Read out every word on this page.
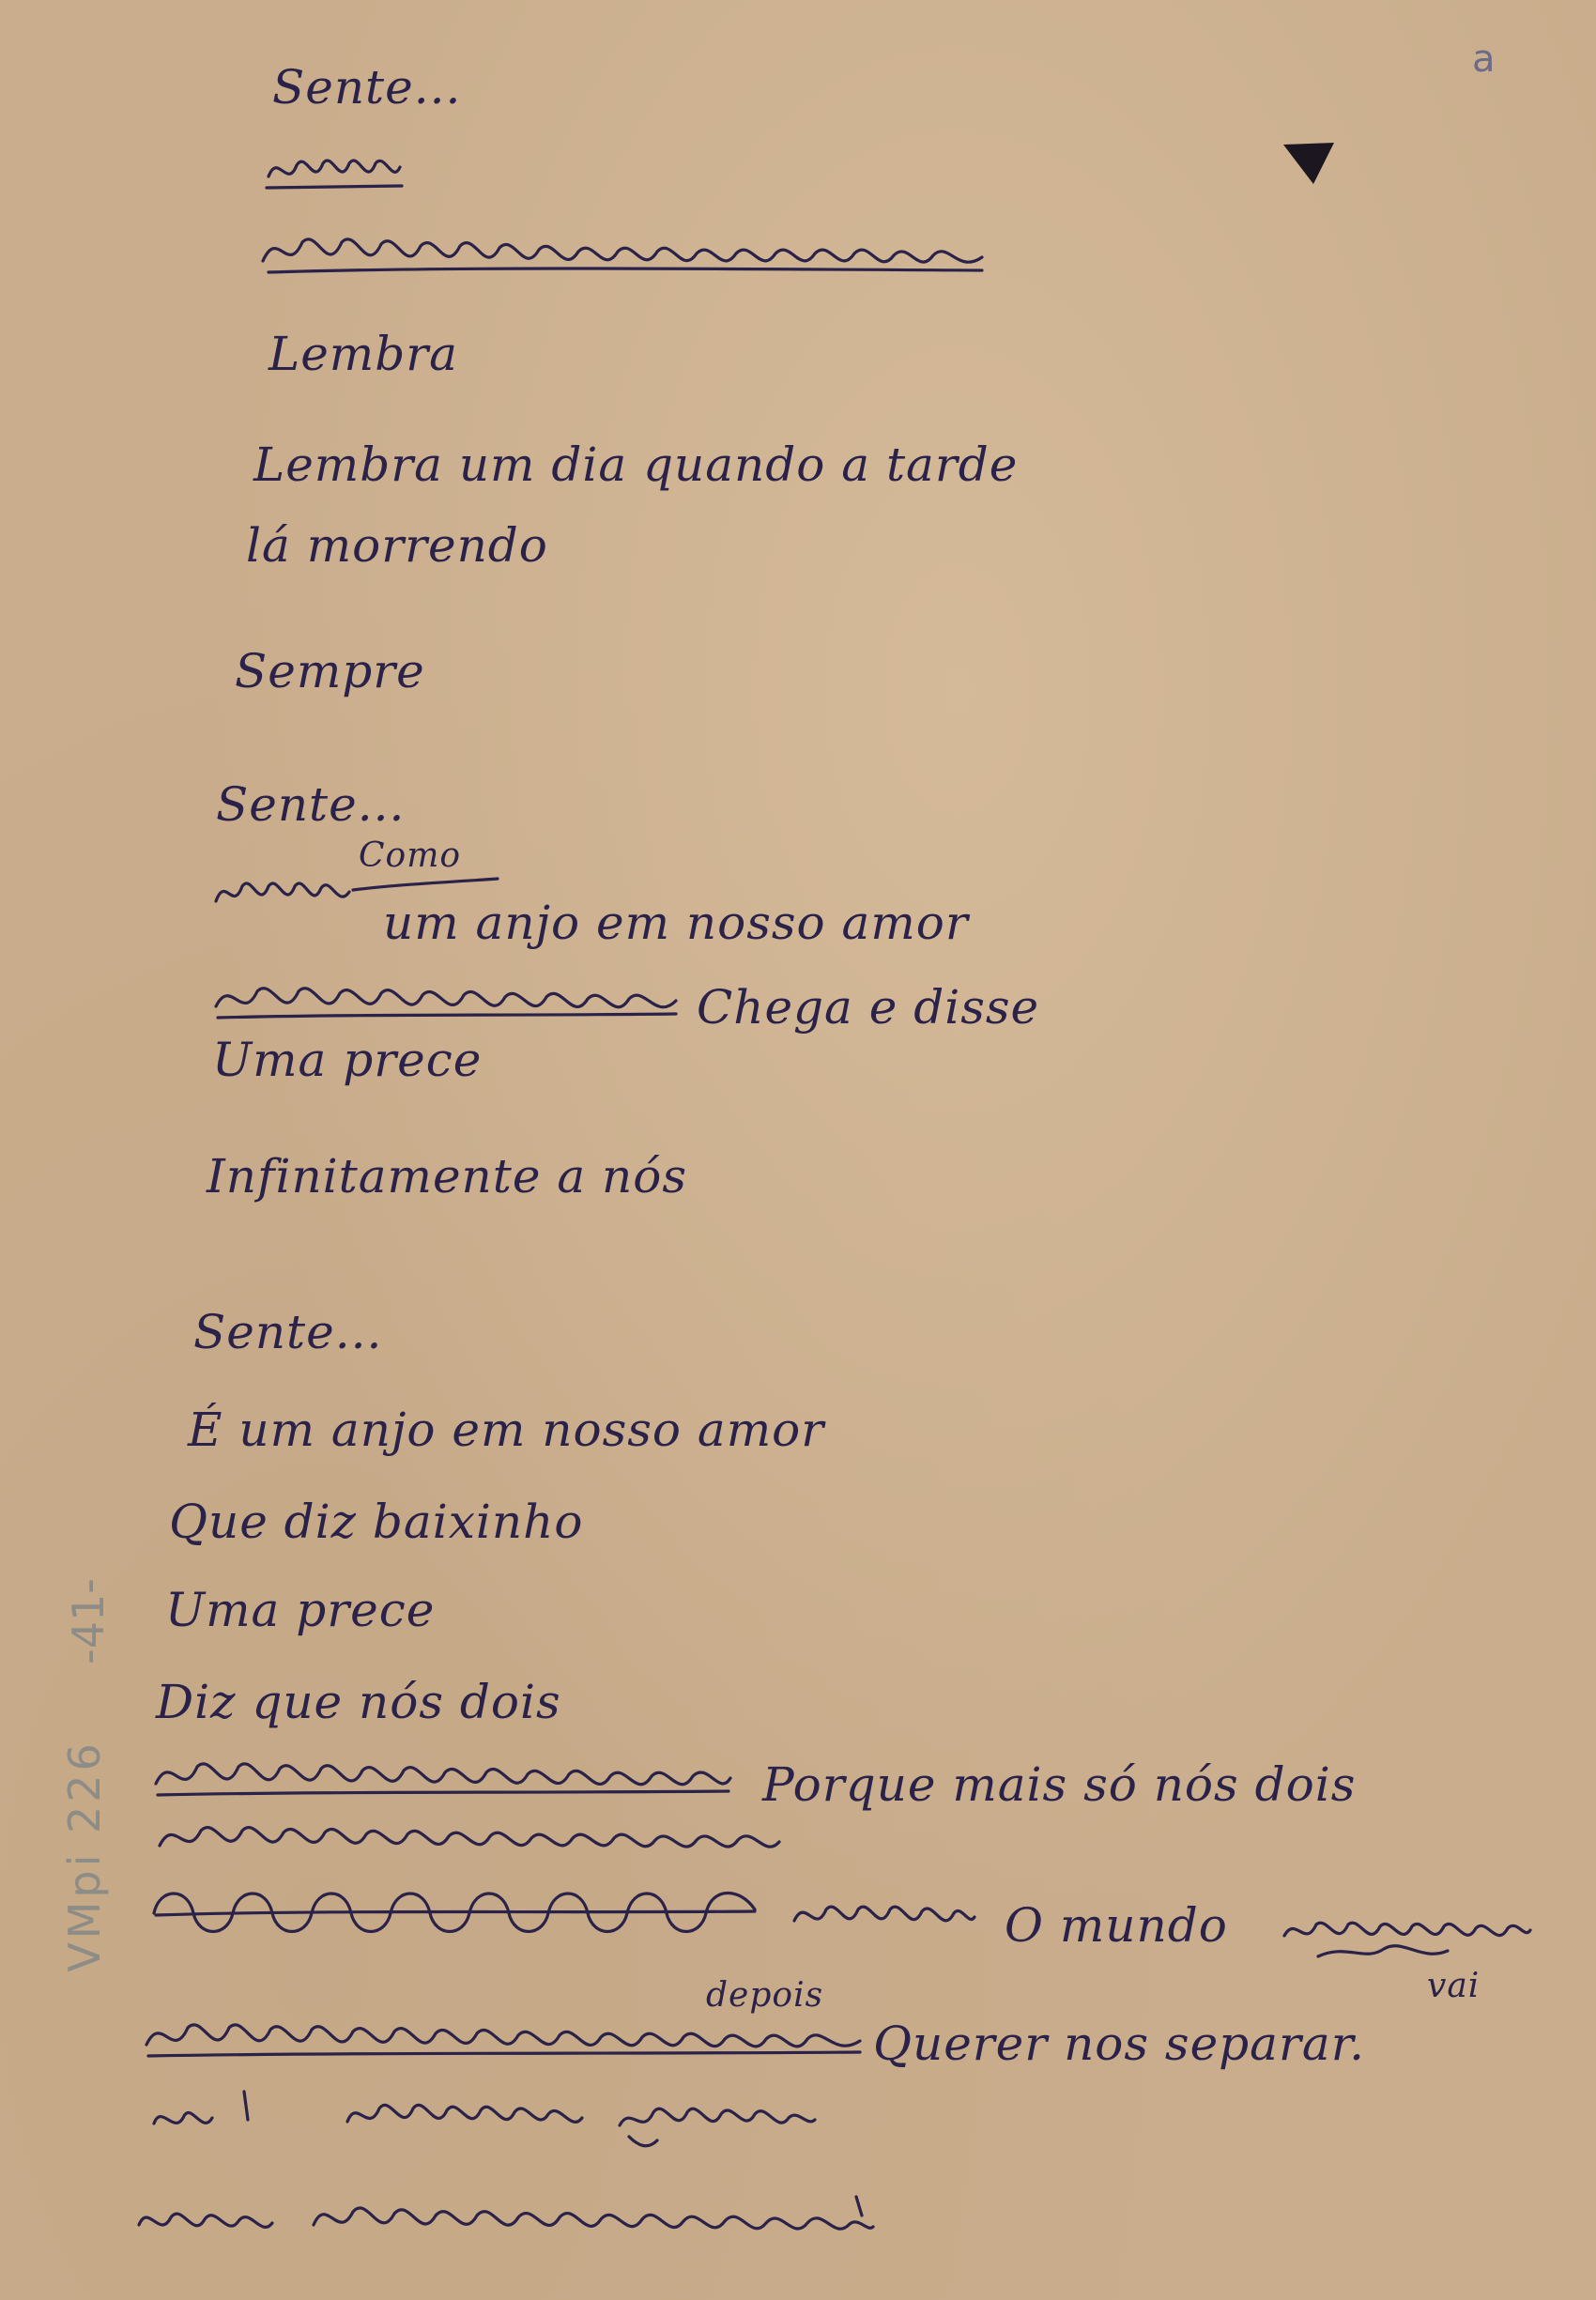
a
Sente...
Lembra
Lembra um dia quando a tarde
lá morrendo
Sempre
Sente...
Como
um anjo em nosso amor
Chega e disse
Uma prece
Infinitamente a nós
Sente...
É um anjo em nosso amor
Que diz baixinho
Uma prece
Diz que nós dois
Porque mais só nós dois
O mundo
vai
depois
Querer nos separar.
-41-
VMpi 226
